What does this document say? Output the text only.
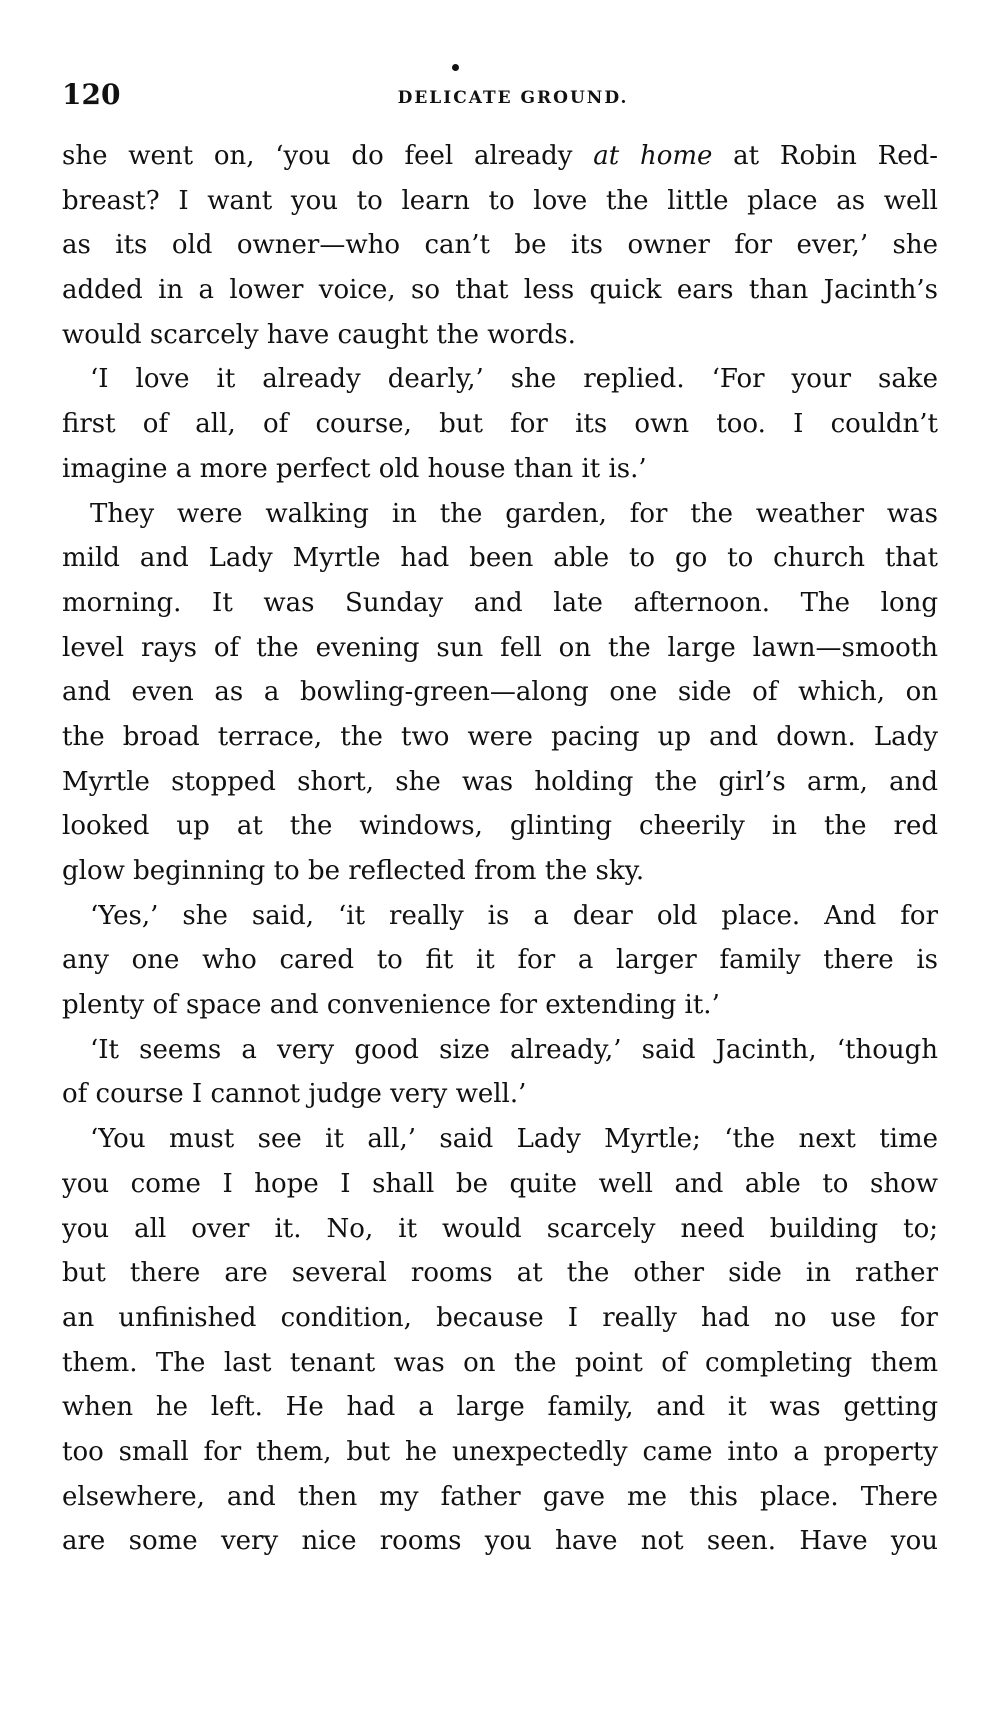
120	DELICATE GROUND.
she went on, ‘you do feel already at home at Robin Red-
breast? I want you to learn to love the little place as well
as its old owner—who can’t be its owner for ever,’ she
added in a lower voice, so that less quick ears than Jacinth’s
would scarcely have caught the words.
‘I love it already dearly,’ she replied. ‘For your sake
first of all, of course, but for its own too. I couldn’t
imagine a more perfect old house than it is.’
They were walking in the garden, for the weather was
mild and Lady Myrtle had been able to go to church that
morning. It was Sunday and late afternoon. The long
level rays of the evening sun fell on the large lawn—smooth
and even as a bowling-green—along one side of which, on
the broad terrace, the two were pacing up and down. Lady
Myrtle stopped short, she was holding the girl’s arm, and
looked up at the windows, glinting cheerily in the red
glow beginning to be reflected from the sky.
‘Yes,’ she said, ‘it really is a dear old place. And for
any one who cared to fit it for a larger family there is
plenty of space and convenience for extending it.’
‘It seems a very good size already,’ said Jacinth, ‘though
of course I cannot judge very well.’
‘You must see it all,’ said Lady Myrtle; ‘the next time
you come I hope I shall be quite well and able to show
you all over it. No, it would scarcely need building to;
but there are several rooms at the other side in rather
an unfinished condition, because I really had no use for
them. The last tenant was on the point of completing them
when he left. He had a large family, and it was getting
too small for them, but he unexpectedly came into a property
elsewhere, and then my father gave me this place. There
are some very nice rooms you have not seen. Have you
